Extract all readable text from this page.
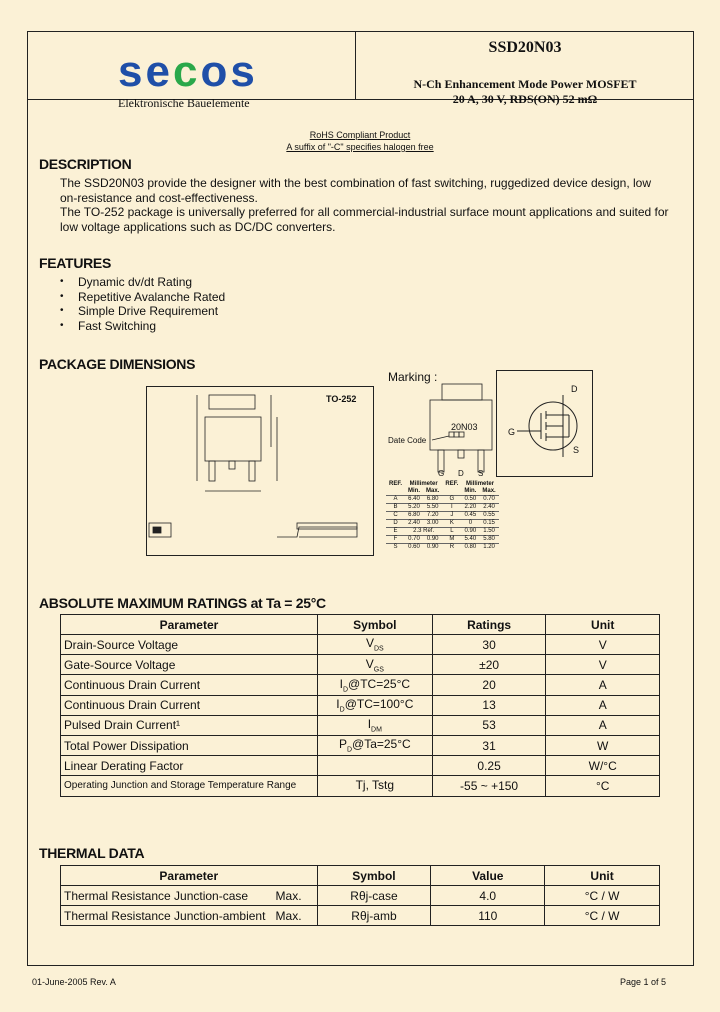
secos
Elektronische Bauelemente
SSD20N03
N-Ch Enhancement Mode Power MOSFET
20 A, 30 V, RDS(ON) 52 mΩ
RoHS Compliant Product
A suffix of "-C" specifies halogen free
DESCRIPTION
The SSD20N03 provide the designer with the best combination of fast switching, ruggedized device design, low
on-resistance and cost-effectiveness.
The TO-252 package is universally preferred for all commercial-industrial surface mount applications and suited for
low voltage applications such as DC/DC converters.
FEATURES
• Dynamic dv/dt Rating
• Repetitive Avalanche Rated
• Simple Drive Requirement
• Fast Switching
PACKAGE DIMENSIONS
TO-252
Marking :
20N03
Date Code
G D S
D
G
S
REF.	Millimeter		REF.	Millimeter	
	Min.	Max.		Min.	Max.
A	6.40	6.80	G	0.50	0.70
B	5.20	5.50	I	2.20	2.40
C	6.80	7.20	J	0.45	0.55
D	2.40	3.00	K	0	0.15
E	2.3 Ref.		L	0.90	1.50
F	0.70	0.90	M	5.40	5.80
S	0.60	0.90	R	0.80	1.20
ABSOLUTE MAXIMUM RATINGS at Ta = 25°C
Parameter	Symbol	Ratings	Unit
Drain-Source Voltage	$V_{DS}$	30	V
Gate-Source Voltage	$V_{GS}$	±20	V
Continuous Drain Current	$I_D@TC=25^\circ C$	20	A
Continuous Drain Current	$I_D@TC=100^\circ C$	13	A
Pulsed Drain Current¹	$I_{DM}$	53	A
Total Power Dissipation	$P_D@Ta=25^\circ C$	31	W
Linear Derating Factor		0.25	W/°C
Operating Junction and Storage Temperature Range	Tj, Tstg	-55 ~ +150	°C
THERMAL DATA
Parameter	Symbol	Value	Unit
Thermal Resistance Junction-case Max.	Rθj-case	4.0	°C / W
Thermal Resistance Junction-ambient Max.	Rθj-amb	110	°C / W
01-June-2005 Rev. A	Page 1 of 5
